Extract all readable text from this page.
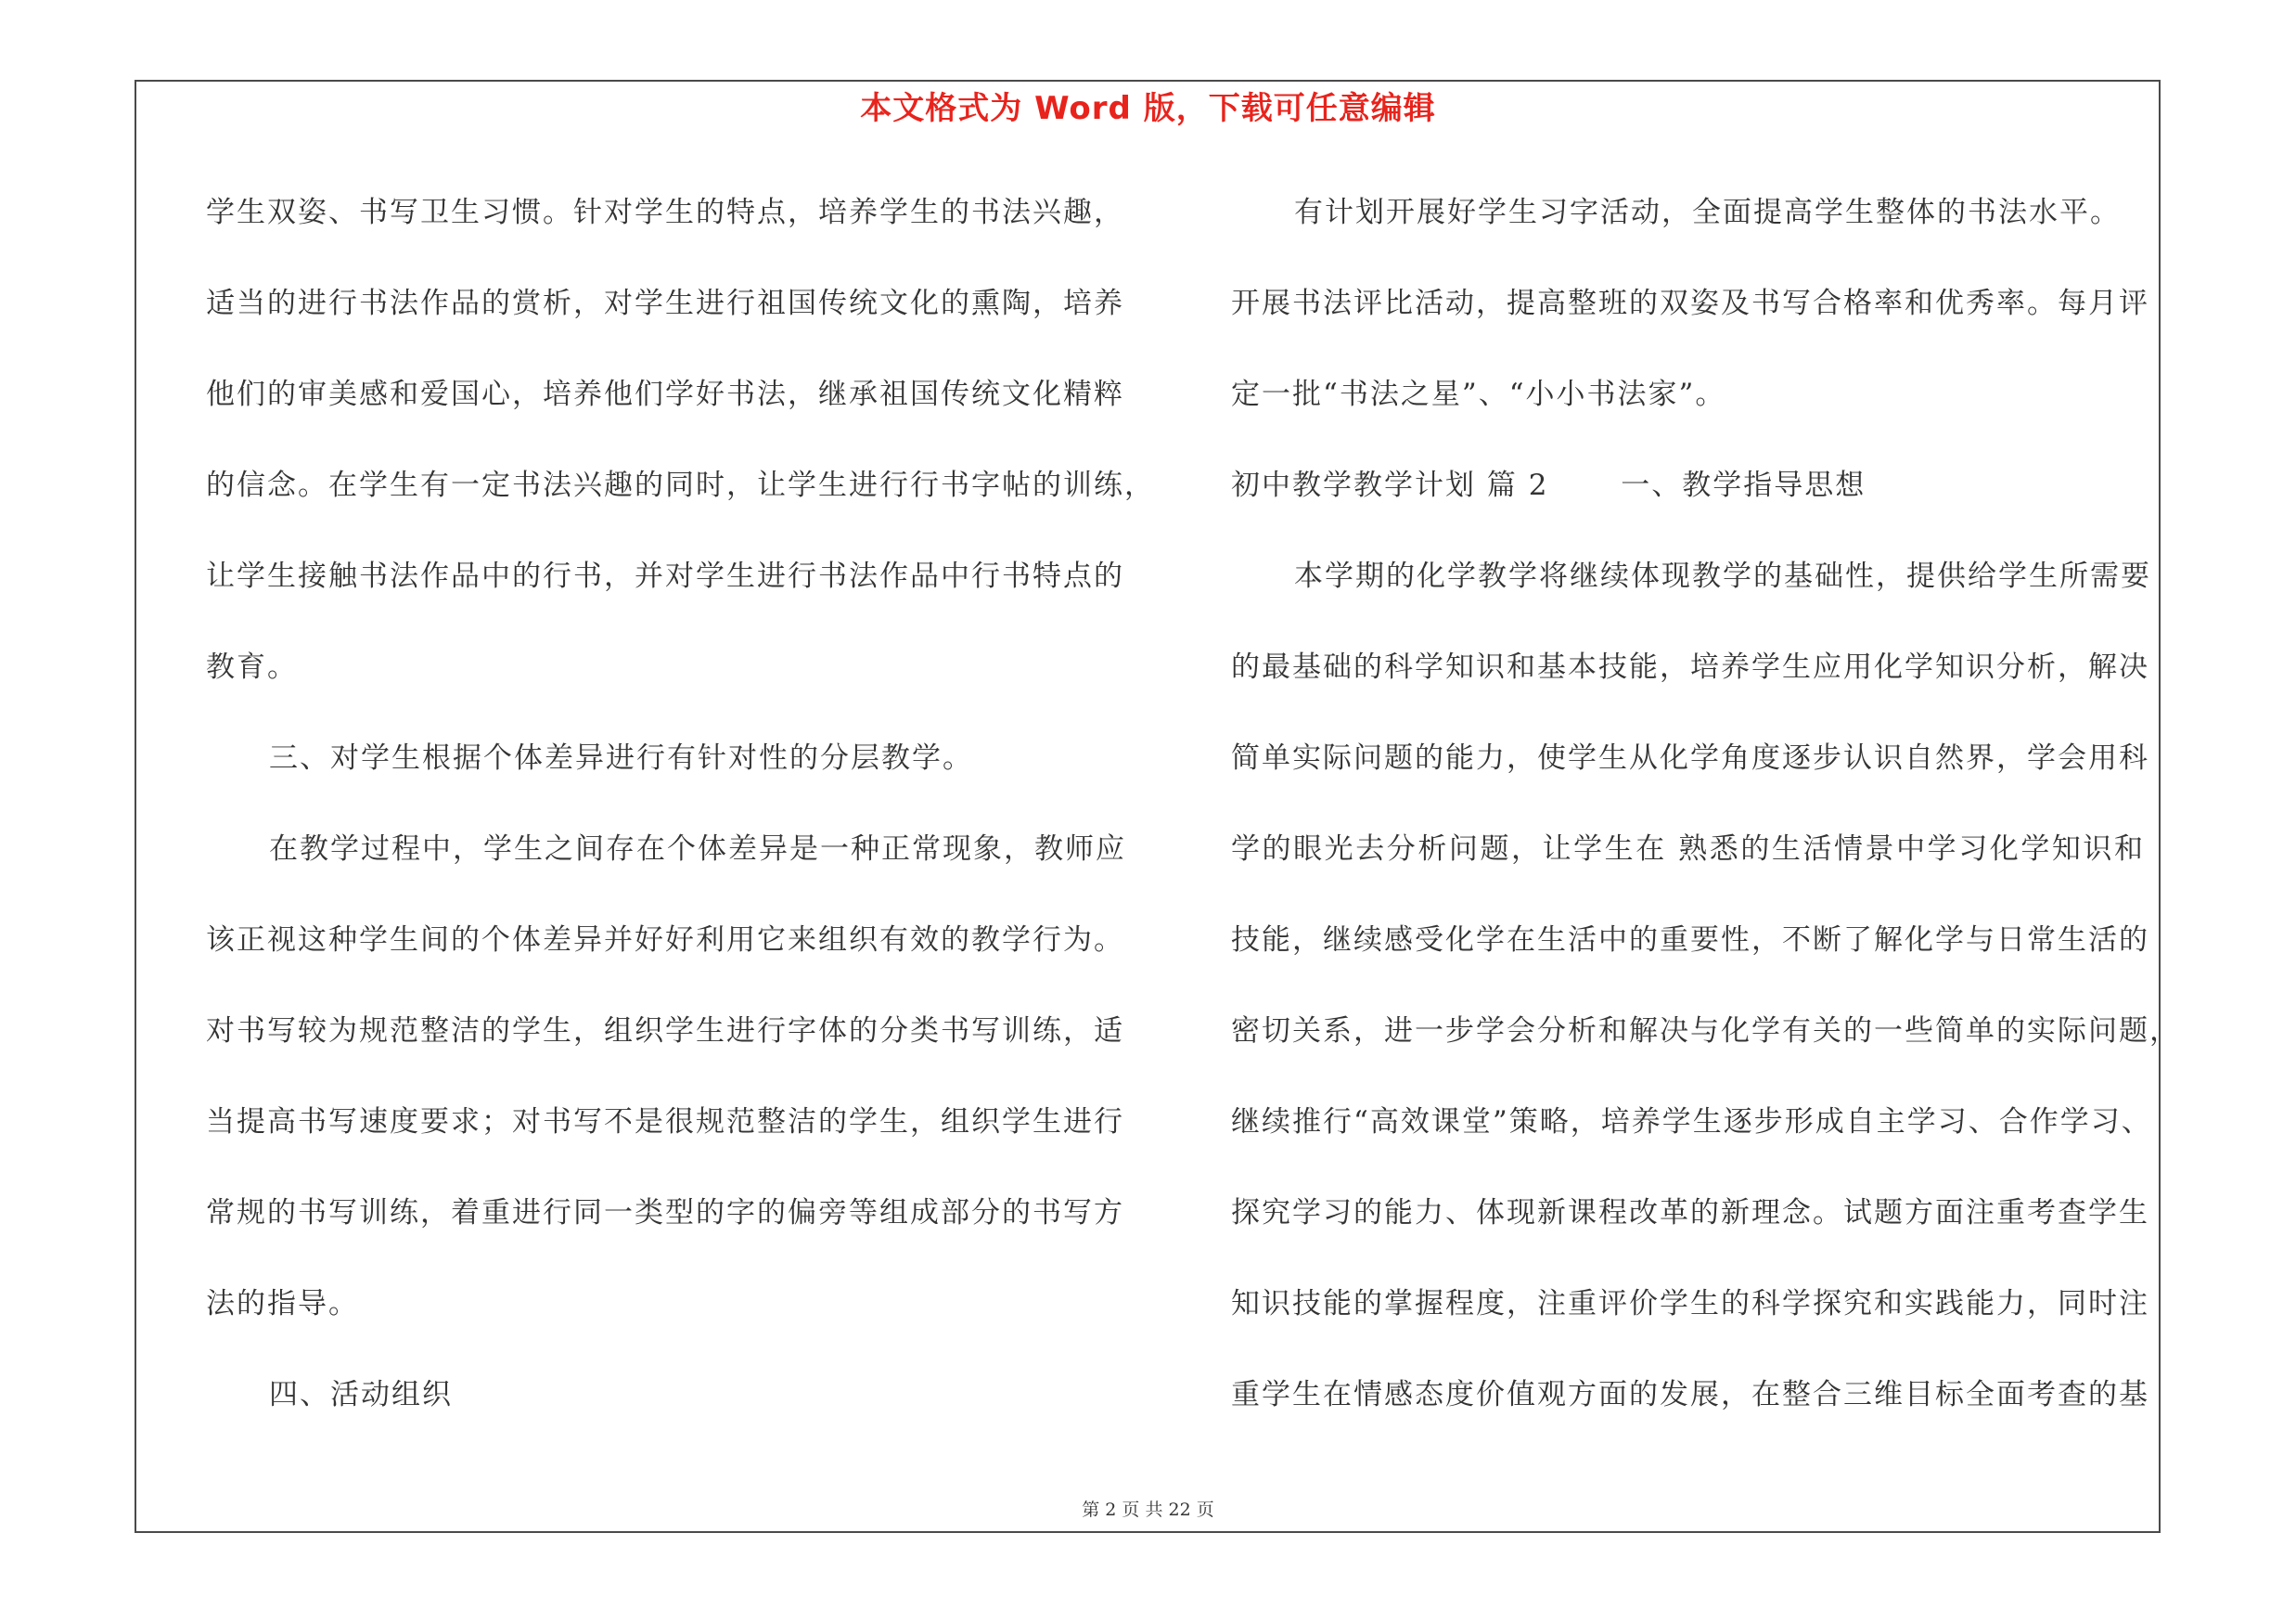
本文格式为 Word 版，下载可任意编辑
学生双姿、书写卫生习惯。针对学生的特点，培养学生的书法兴趣，
适当的进行书法作品的赏析，对学生进行祖国传统文化的熏陶，培养
他们的审美感和爱国心，培养他们学好书法，继承祖国传统文化精粹
的信念。在学生有一定书法兴趣的同时，让学生进行行书字帖的训练，
让学生接触书法作品中的行书，并对学生进行书法作品中行书特点的
教育。
三、对学生根据个体差异进行有针对性的分层教学。
在教学过程中，学生之间存在个体差异是一种正常现象，教师应
该正视这种学生间的个体差异并好好利用它来组织有效的教学行为。
对书写较为规范整洁的学生，组织学生进行字体的分类书写训练，适
当提高书写速度要求；对书写不是很规范整洁的学生，组织学生进行
常规的书写训练，着重进行同一类型的字的偏旁等组成部分的书写方
法的指导。
四、活动组织
有计划开展好学生习字活动，全面提高学生整体的书法水平。
开展书法评比活动，提高整班的双姿及书写合格率和优秀率。每月评
定一批“书法之星”、“小小书法家”。
初中教学教学计划 篇 2 　　一、教学指导思想
本学期的化学教学将继续体现教学的基础性，提供给学生所需要
的最基础的科学知识和基本技能，培养学生应用化学知识分析，解决
简单实际问题的能力，使学生从化学角度逐步认识自然界，学会用科
学的眼光去分析问题，让学生在 熟悉的生活情景中学习化学知识和
技能，继续感受化学在生活中的重要性，不断了解化学与日常生活的
密切关系，进一步学会分析和解决与化学有关的一些简单的实际问题，
继续推行“高效课堂”策略，培养学生逐步形成自主学习、合作学习、
探究学习的能力、体现新课程改革的新理念。试题方面注重考查学生
知识技能的掌握程度，注重评价学生的科学探究和实践能力，同时注
重学生在情感态度价值观方面的发展，在整合三维目标全面考查的基
第 2 页 共 22 页
